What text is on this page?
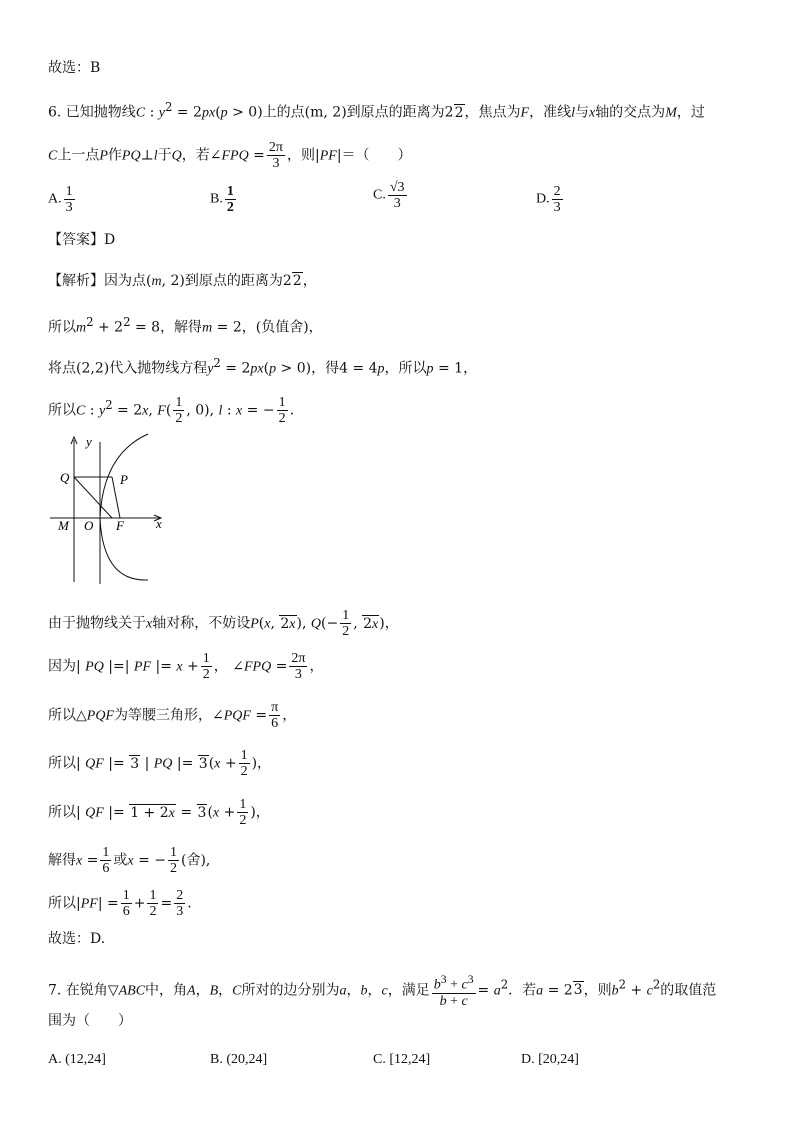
故选：B
6. 已知抛物线C : $y^2 = 2px(p > 0)$上的点(m, 2)到原点的距离为22，焦点为F，准线l与x轴的交点为M，过
C上一点P作PQ⊥l于Q，若∠FPQ = $\frac{2\pi}{3}$ ，则|PF|＝（　　）
A. $\frac{1}{3}$	B. $\frac{1}{2}$	C. $\frac{√3}{3}$	D. $\frac{2}{3}$
【答案】D
【解析】因为点(m, 2)到原点的距离为22，
所以$m^2 + 2^2 = 8$，解得m = 2，(负值舍)，
将点(2,2)代入抛物线方程$y^2 = 2px(p > 0)$，得4 = 4p，所以p = 1，
所以C : $y^2 = 2x$, $F( \frac{1}{2}$ , 0), l : x = − $\frac{1}{2}$ .
y
Q	P
M O F x
由于抛物线关于x轴对称，不妨设P(x, 2x), $Q(- \frac{1}{2}$ , 2x)，
因为| PQ |=| PF |= $x + \frac{1}{2}$ ， ∠FPQ = $\frac{2\pi}{3}$ ，
所以△PQF为等腰三角形，∠PQF = $\frac{\pi}{6}$ ，
所以| QF |= 3 | PQ |= $3(x + \frac{1}{2}$ )，
所以| QF |= $1 + 2x = 3(x + \frac{1}{2}$ )，
解得$x = \frac{1}{6}$ 或x = − $\frac{1}{2}$ (舍),
所以$|PF| = \frac{1}{6} + \frac{1}{2} = \frac{2}{3}$ .
故选：D.
7. 在锐角▽ABC中，角A，B，C所对的边分别为a，b，c，满足 $\frac{b^3 + c^3}{b + c} = a^2$．若a = 23，则$b^2 + c^2$的取值范
围为（　　）
A. (12,24]	B. (20,24]	C. [12,24]	D. [20,24]
